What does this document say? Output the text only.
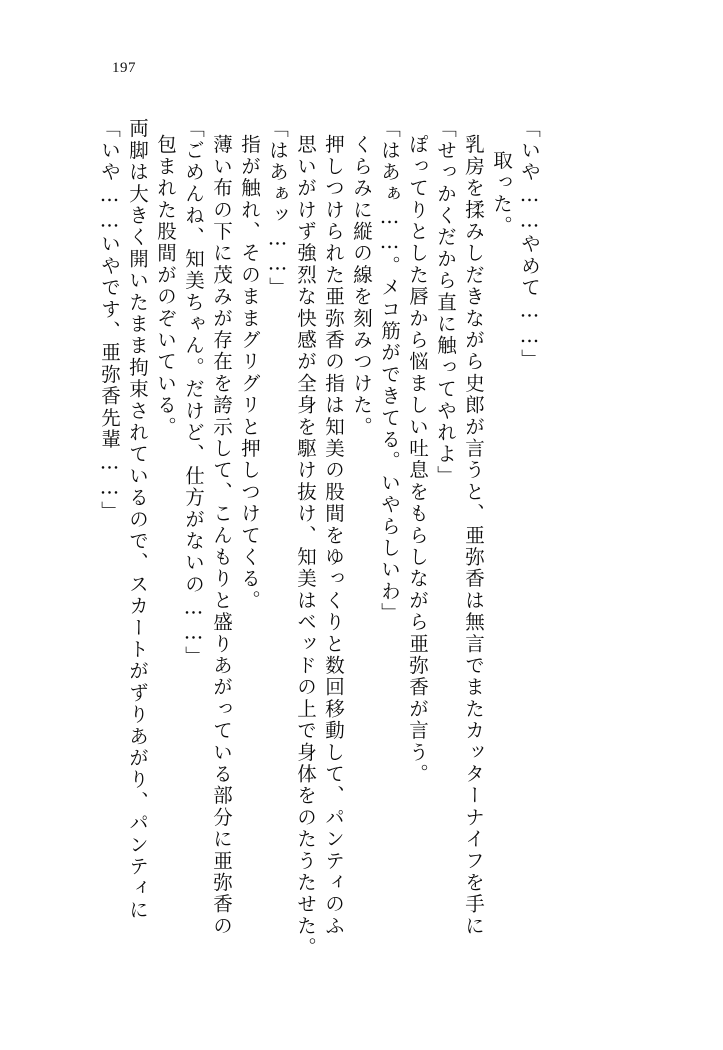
197
「いや……いやです、亜弥香先輩……」 両脚は大きく開いたまま拘束されているので、スカートがずりあがり、パンティに 包まれた股間がのぞいている。 「ごめんね、知美ちゃん。だけど、仕方がないの……」 薄い布の下に茂みが存在を誇示して、こんもりと盛りあがっている部分に亜弥香の 指が触れ、そのままグリグリと押しつけてくる。 「はあぁッ……」 思いがけず強烈な快感が全身を駆け抜け、知美はベッドの上で身体をのたうたせた。 押しつけられた亜弥香の指は知美の股間をゆっくりと数回移動して、パンティのふ くらみに縦の線を刻みつけた。 「はあぁ……。メコ筋ができてる。いやらしいわ」 ぽってりとした唇から悩ましい吐息をもらしながら亜弥香が言う。 「せっかくだから直に触ってやれよ」 乳房を揉みしだきながら史郎が言うと、亜弥香は無言でまたカッターナイフを手に 取った。 「いや……やめて……」
